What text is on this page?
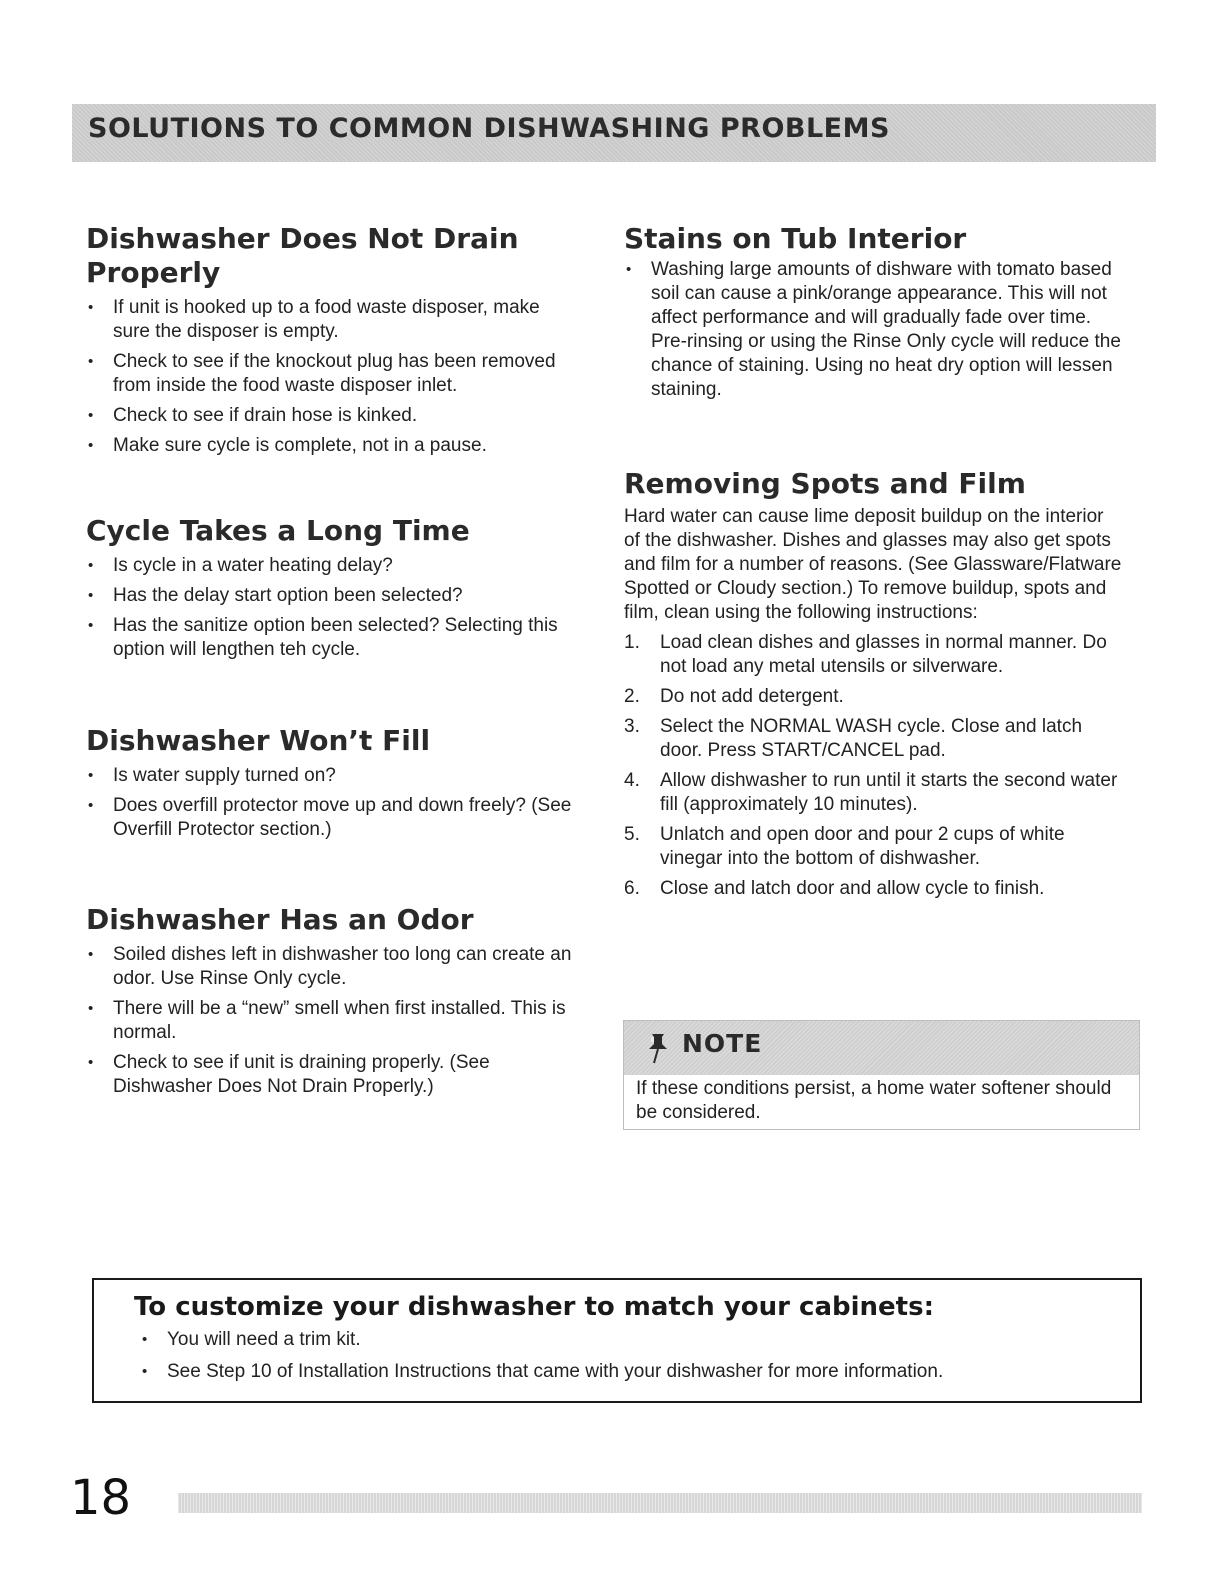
SOLUTIONS TO COMMON DISHWASHING PROBLEMS
Dishwasher Does Not Drain Properly
• If unit is hooked up to a food waste disposer, make sure the disposer is empty.
• Check to see if the knockout plug has been removed from inside the food waste disposer inlet.
• Check to see if drain hose is kinked.
• Make sure cycle is complete, not in a pause.
Cycle Takes a Long Time
• Is cycle in a water heating delay?
• Has the delay start option been selected?
• Has the sanitize option been selected? Selecting this option will lengthen teh cycle.
Dishwasher Won’t Fill
• Is water supply turned on?
• Does overfill protector move up and down freely? (See Overfill Protector section.)
Dishwasher Has an Odor
• Soiled dishes left in dishwasher too long can create an odor. Use Rinse Only cycle.
• There will be a “new” smell when first installed. This is normal.
• Check to see if unit is draining properly. (See Dishwasher Does Not Drain Properly.)
Stains on Tub Interior
• Washing large amounts of dishware with tomato based soil can cause a pink/orange appearance. This will not affect performance and will gradually fade over time. Pre-rinsing or using the Rinse Only cycle will reduce the chance of staining. Using no heat dry option will lessen staining.
Removing Spots and Film

Hard water can cause lime deposit buildup on the interior of the dishwasher. Dishes and glasses may also get spots and film for a number of reasons. (See Glassware/Flatware Spotted or Cloudy section.) To remove buildup, spots and film, clean using the following instructions:

1. Load clean dishes and glasses in normal manner. Do not load any metal utensils or silverware.
2. Do not add detergent.
3. Select the NORMAL WASH cycle. Close and latch door. Press START/CANCEL pad.
4. Allow dishwasher to run until it starts the second water fill (approximately 10 minutes).
5. Unlatch and open door and pour 2 cups of white vinegar into the bottom of dishwasher.
6. Close and latch door and allow cycle to finish.
NOTE

If these conditions persist, a home water softener should be considered.

To customize your dishwasher to match your cabinets:
• You will need a trim kit.
• See Step 10 of Installation Instructions that came with your dishwasher for more information.
18
